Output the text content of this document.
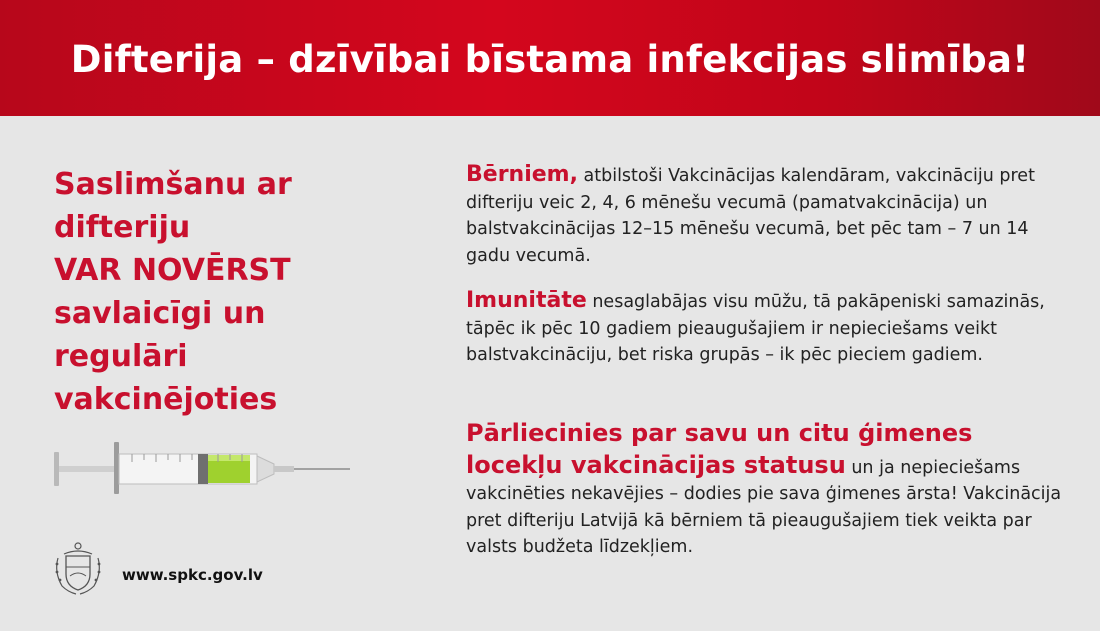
Difterija – dzīvībai bīstama infekcijas slimība!
Saslimšanu ar
difteriju
VAR NOVĒRST
savlaicīgi un
regulāri
vakcinējoties
www.spkc.gov.lv
Bērniem, atbilstoši Vakcinācijas kalendāram, vakcināciju pret difteriju veic 2, 4, 6 mēnešu vecumā (pamatvakcinācija) un balstvakcinācijas 12–15 mēnešu vecumā, bet pēc tam – 7 un 14 gadu vecumā.
Imunitāte nesaglabājas visu mūžu, tā pakāpeniski samazinās, tāpēc ik pēc 10 gadiem pieaugušajiem ir nepieciešams veikt balstvakcināciju, bet riska grupās – ik pēc pieciem gadiem.
Pārliecinies par savu un citu ģimenes locekļu vakcinācijas statusu un ja nepieciešams vakcinēties nekavējies – dodies pie sava ģimenes ārsta! Vakcinācija pret difteriju Latvijā kā bērniem tā pieaugušajiem tiek veikta par valsts budžeta līdzekļiem.
